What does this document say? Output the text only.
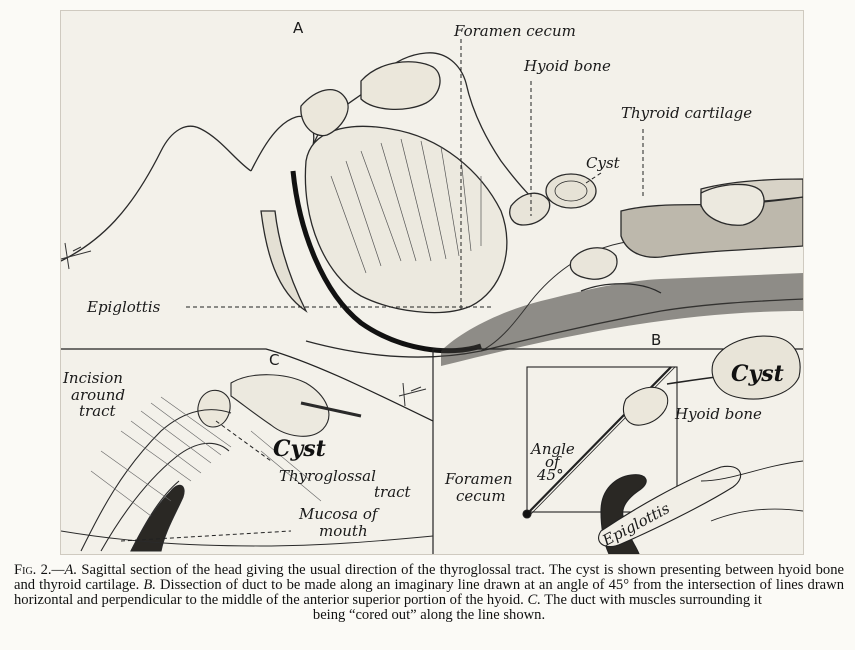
A
B
C
Foramen cecum
Hyoid bone
Thyroid cartilage
Cyst
Epiglottis
Incision
around
tract
Cyst
Thyroglossal
tract
Mucosa of
mouth
Cyst
Hyoid bone
Angle
of
45°
Foramen
cecum
Epiglottis
Fig. 2.—A. Sagittal section of the head giving the usual direction of the thyroglossal tract. The cyst is shown presenting between hyoid bone and thyroid cartilage. B. Dissection of duct to be made along an imaginary line drawn at an angle of 45° from the intersection of lines drawn horizontal and perpendicular to the middle of the anterior superior portion of the hyoid. C. The duct with muscles surrounding it
being “cored out” along the line shown.
